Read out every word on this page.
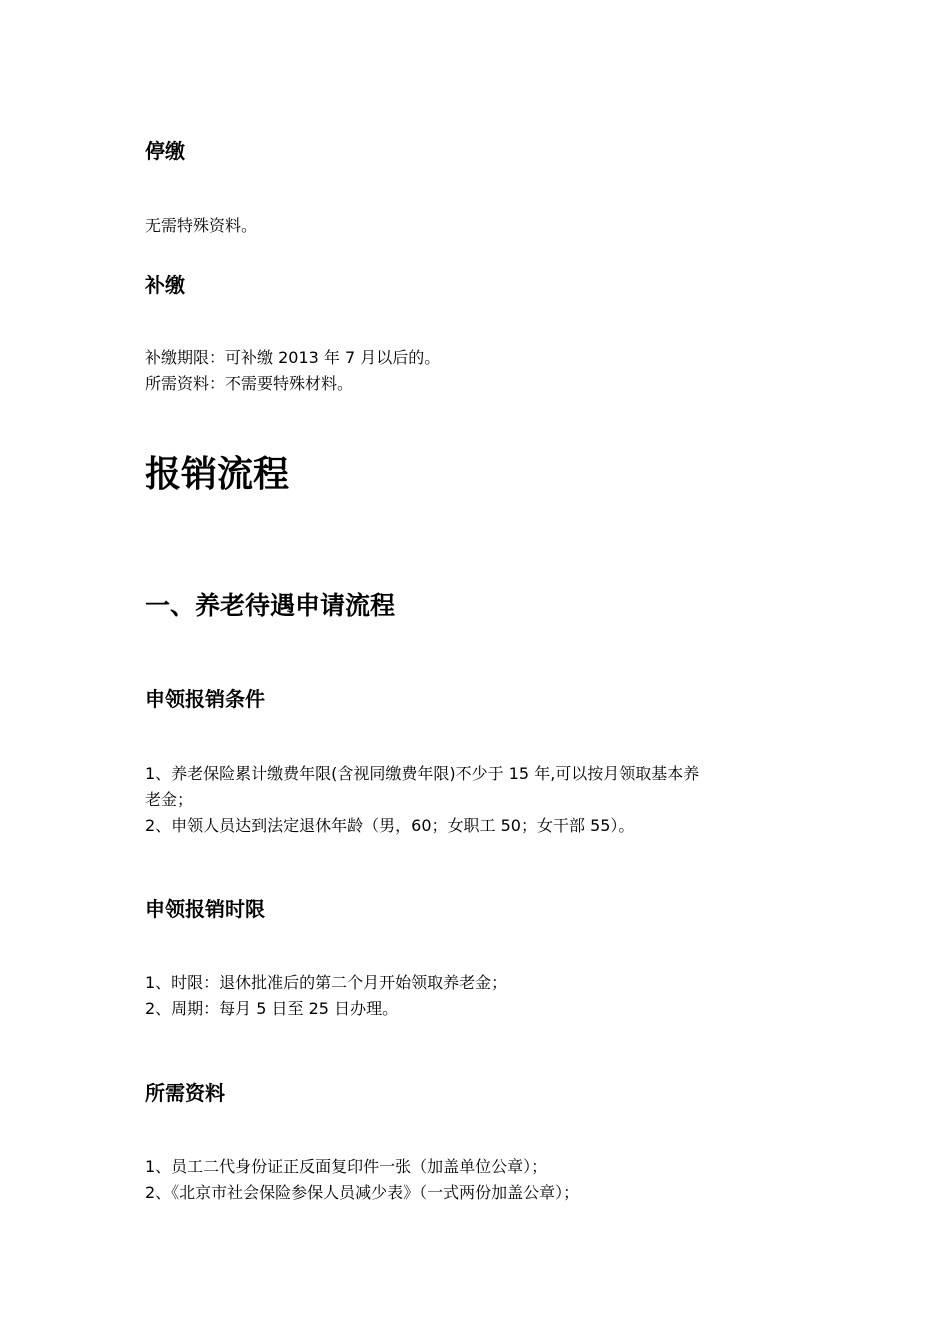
停缴

无需特殊资料。

补缴
补缴期限：可补缴 2013 年 7 月以后的。
所需资料：不需要特殊材料。
报销流程
一、养老待遇申请流程
申领报销条件
1、养老保险累计缴费年限(含视同缴费年限)不少于 15 年,可以按月领取基本养
老金；
2、申领人员达到法定退休年龄（男，60；女职工 50；女干部 55）。
申领报销时限
1、时限：退休批准后的第二个月开始领取养老金；
2、周期：每月 5 日至 25 日办理。
所需资料
1、员工二代身份证正反面复印件一张（加盖单位公章）；
2、《北京市社会保险参保人员减少表》（一式两份加盖公章）；
